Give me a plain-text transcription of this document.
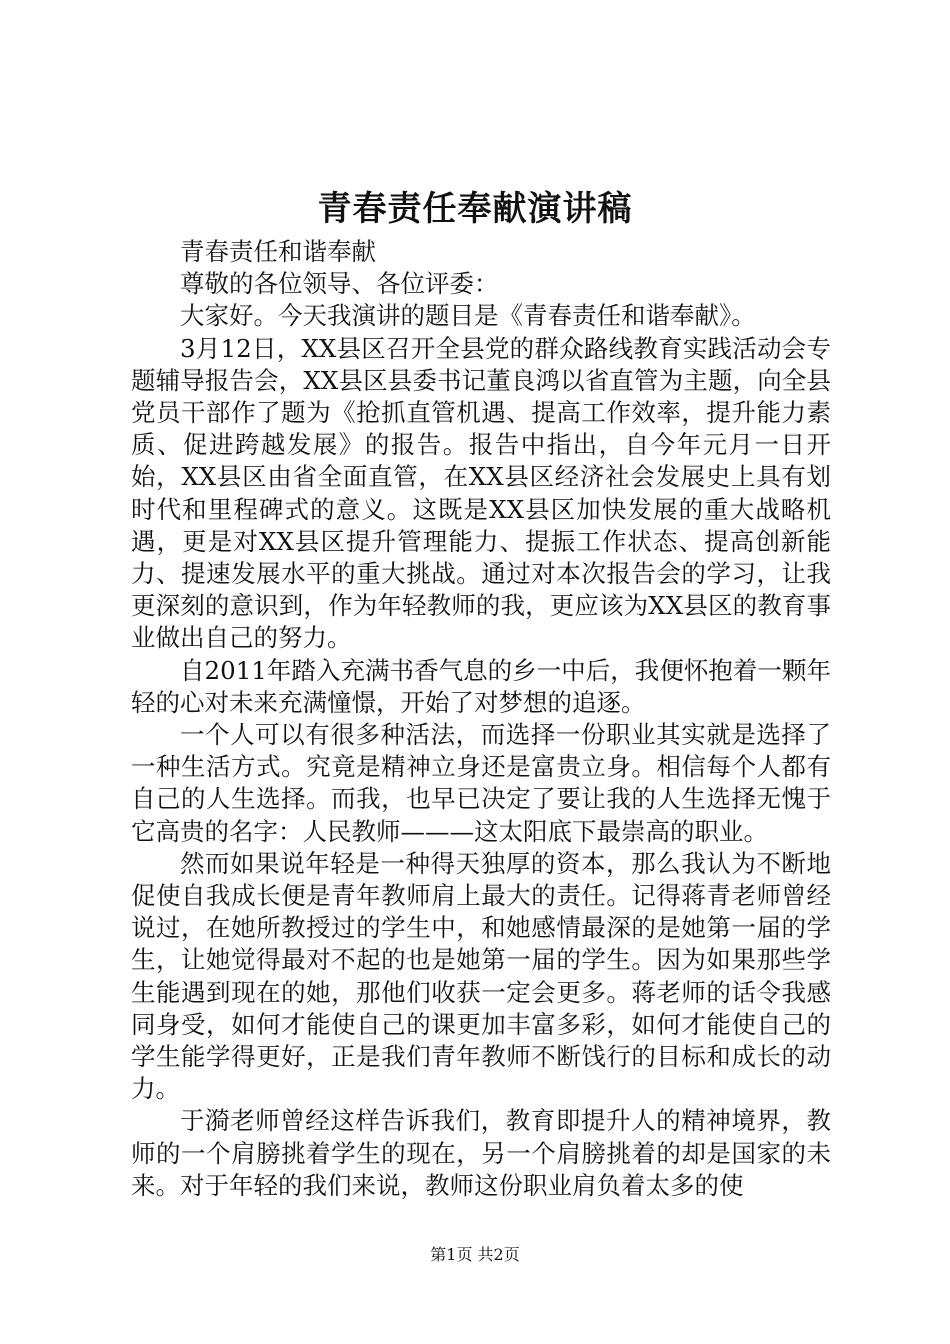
青春责任奉献演讲稿

青春责任和谐奉献

尊敬的各位领导、各位评委：

大家好。今天我演讲的题目是《青春责任和谐奉献》。

3月12日，XX县区召开全县党的群众路线教育实践活动会专题辅导报告会，XX县区县委书记董良鸿以省直管为主题，向全县党员干部作了题为《抢抓直管机遇、提高工作效率，提升能力素质、促进跨越发展》的报告。报告中指出，自今年元月一日开始，XX县区由省全面直管，在XX县区经济社会发展史上具有划时代和里程碑式的意义。这既是XX县区加快发展的重大战略机遇，更是对XX县区提升管理能力、提振工作状态、提高创新能力、提速发展水平的重大挑战。通过对本次报告会的学习，让我更深刻的意识到，作为年轻教师的我，更应该为XX县区的教育事业做出自己的努力。

自2011年踏入充满书香气息的乡一中后，我便怀抱着一颗年轻的心对未来充满憧憬，开始了对梦想的追逐。

一个人可以有很多种活法，而选择一份职业其实就是选择了一种生活方式。究竟是精神立身还是富贵立身。相信每个人都有自己的人生选择。而我，也早已决定了要让我的人生选择无愧于它高贵的名字：人民教师———这太阳底下最崇高的职业。

然而如果说年轻是一种得天独厚的资本，那么我认为不断地促使自我成长便是青年教师肩上最大的责任。记得蒋青老师曾经说过，在她所教授过的学生中，和她感情最深的是她第一届的学生，让她觉得最对不起的也是她第一届的学生。因为如果那些学生能遇到现在的她，那他们收获一定会更多。蒋老师的话令我感同身受，如何才能使自己的课更加丰富多彩，如何才能使自己的学生能学得更好，正是我们青年教师不断饯行的目标和成长的动力。

于漪老师曾经这样告诉我们，教育即提升人的精神境界，教师的一个肩膀挑着学生的现在，另一个肩膀挑着的却是国家的未来。对于年轻的我们来说，教师这份职业肩负着太多的使

第1页 共2页
